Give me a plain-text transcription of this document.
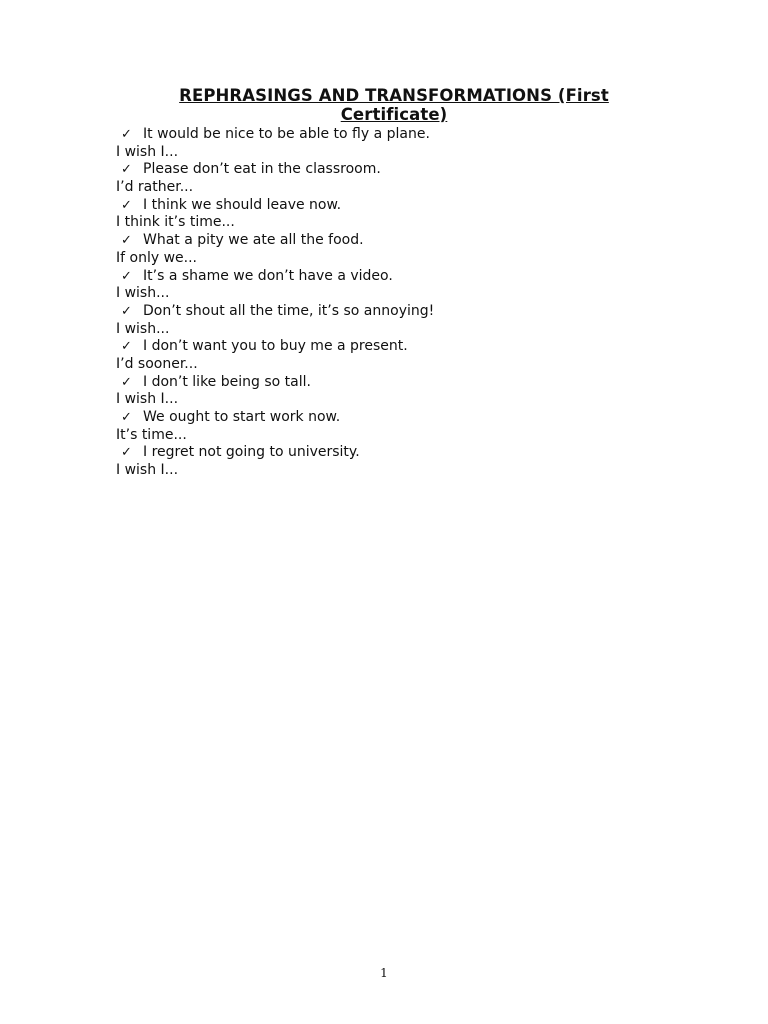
REPHRASINGS AND TRANSFORMATIONS (First
Certificate)
✓ It would be nice to be able to fly a plane.
I wish I...
✓ Please don’t eat in the classroom.
I’d rather...
✓ I think we should leave now.
I think it’s time...
✓ What a pity we ate all the food.
If only we...
✓ It’s a shame we don’t have a video.
I wish...
✓ Don’t shout all the time, it’s so annoying!
I wish...
✓ I don’t want you to buy me a present.
I’d sooner...
✓ I don’t like being so tall.
I wish I...
✓ We ought to start work now.
It’s time...
✓ I regret not going to university.
I wish I...
1
